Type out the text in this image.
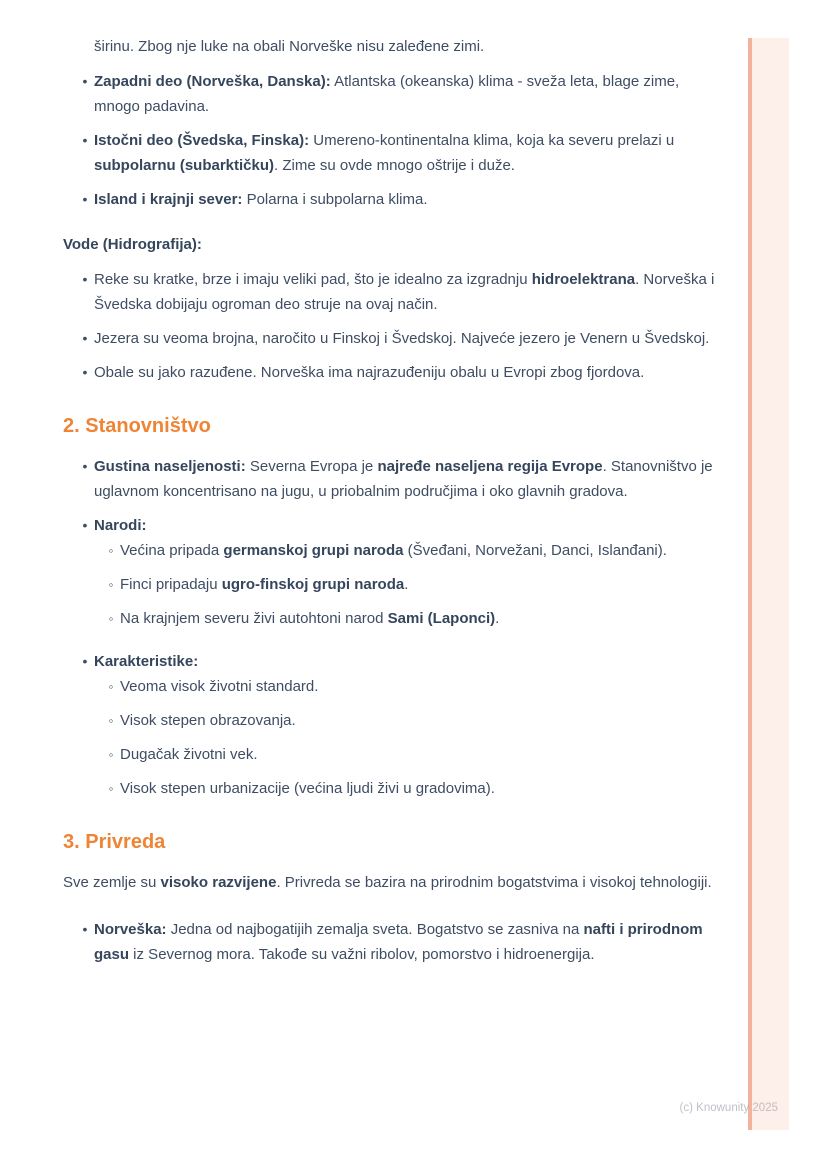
širinu. Zbog nje luke na obali Norveške nisu zaleđene zimi.

• Zapadni deo (Norveška, Danska): Atlantska (okeanska) klima - sveža leta, blage zime, mnogo padavina.
• Istočni deo (Švedska, Finska): Umereno-kontinentalna klima, koja ka severu prelazi u subpolarnu (subarktičku). Zime su ovde mnogo oštrije i duže.
• Island i krajnji sever: Polarna i subpolarna klima.
Vode (Hidrografija):
• Reke su kratke, brze i imaju veliki pad, što je idealno za izgradnju hidroelektrana. Norveška i Švedska dobijaju ogroman deo struje na ovaj način.
• Jezera su veoma brojna, naročito u Finskoj i Švedskoj. Najveće jezero je Venern u Švedskoj.
• Obale su jako razuđene. Norveška ima najrazuđeniju obalu u Evropi zbog fjordova.
2. Stanovništvo
• Gustina naseljenosti: Severna Evropa je najređe naseljena regija Evrope. Stanovništvo je uglavnom koncentrisano na jugu, u priobalnim područjima i oko glavnih gradova.
• Narodi:
◦ Većina pripada germanskoj grupi naroda (Šveđani, Norvežani, Danci, Islanđani).
◦ Finci pripadaju ugro-finskoj grupi naroda.
◦ Na krajnjem severu živi autohtoni narod Sami (Laponci).
• Karakteristike:
◦ Veoma visok životni standard.
◦ Visok stepen obrazovanja.
◦ Dugačak životni vek.
◦ Visok stepen urbanizacije (većina ljudi živi u gradovima).
3. Privreda

Sve zemlje su visoko razvijene. Privreda se bazira na prirodnim bogatstvima i visokoj tehnologiji.

• Norveška: Jedna od najbogatijih zemalja sveta. Bogatstvo se zasniva na nafti i prirodnom gasu iz Severnog mora. Takođe su važni ribolov, pomorstvo i hidroenergija.
(c) Knowunity 2025
